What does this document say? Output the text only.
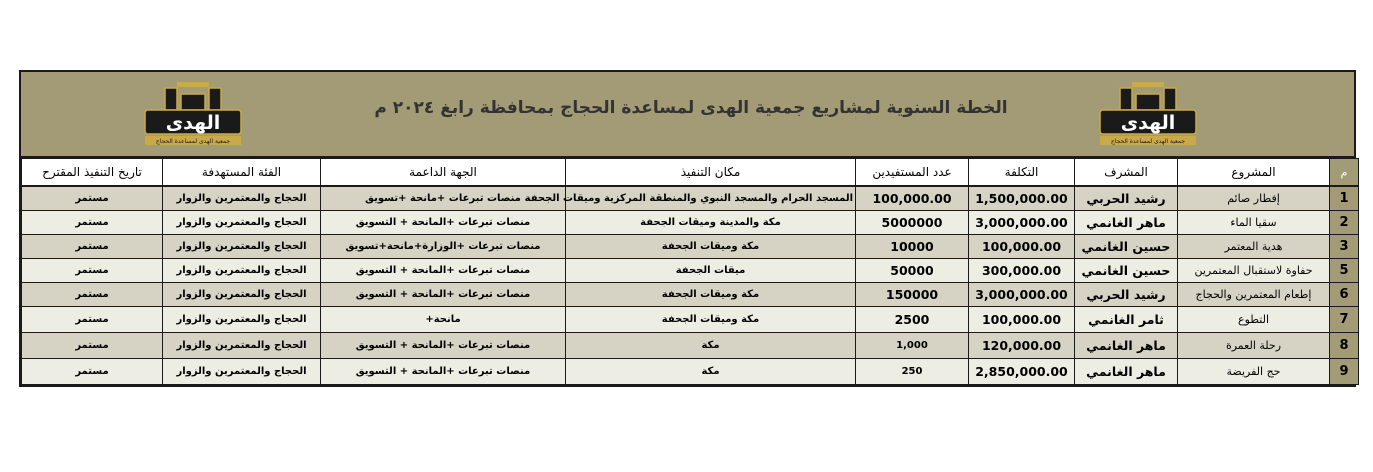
الهدى
جمعية الهدى لمساعدة الحجاج
الخطة السنوية لمشاريع جمعية الهدى لمساعدة الحجاج بمحافظة رابغ ٢٠٢٤ م
الهدى
جمعية الهدى لمساعدة الحجاج
م	المشروع	المشرف	التكلفة	عدد المستفيدين	مكان التنفيذ	الجهة الداعمة	الفئة المستهدفة	تاريخ التنفيذ المقترح
1	إفطار صائم	رشيد الحربي	1,500,000.00	100,000.00	المسجد الحرام والمسجد النبوي والمنطقة المركزية وميقات الجحفة	منصات تبرعات +مانحة +تسويق	الحجاج والمعتمرين والزوار	مستمر
2	سقيا الماء	ماهر الغانمي	3,000,000.00	5000000	مكة والمدينة وميقات الجحفة	منصات تبرعات +المانحة + التسويق	الحجاج والمعتمرين والزوار	مستمر
3	هدية المعتمر	حسين الغانمي	100,000.00	10000	مكة وميقات الجحفة	منصات تبرعات +الوزارة+مانحة+تسويق	الحجاج والمعتمرين والزوار	مستمر
5	حفاوة لاستقبال المعتمرين	حسين الغانمي	300,000.00	50000	ميقات الجحفة	منصات تبرعات +المانحة + التسويق	الحجاج والمعتمرين والزوار	مستمر
6	إطعام المعتمرين والحجاج	رشيد الحربي	3,000,000.00	150000	مكة وميقات الجحفة	منصات تبرعات +المانحة + التسويق	الحجاج والمعتمرين والزوار	مستمر
7	التطوع	ثامر الغانمي	100,000.00	2500	مكة وميقات الجحفة	مانحة+	الحجاج والمعتمرين والزوار	مستمر
8	رحلة العمرة	ماهر الغانمي	120,000.00	1,000	مكة	منصات تبرعات +المانحة + التسويق	الحجاج والمعتمرين والزوار	مستمر
9	حج الفريضة	ماهر الغانمي	2,850,000.00	250	مكة	منصات تبرعات +المانحة + التسويق	الحجاج والمعتمرين والزوار	مستمر
